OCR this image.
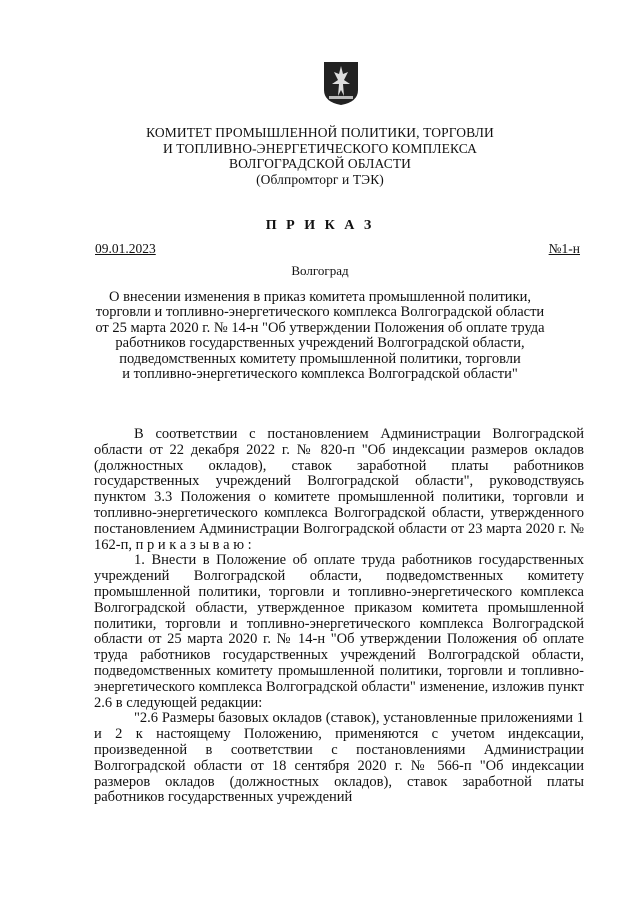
КОМИТЕТ ПРОМЫШЛЕННОЙ ПОЛИТИКИ, ТОРГОВЛИ
И ТОПЛИВНО-ЭНЕРГЕТИЧЕСКОГО КОМПЛЕКСА
ВОЛГОГРАДСКОЙ ОБЛАСТИ
(Облпромторг и ТЭК)
П Р И К А З
09.01.2023	№1-н
Волгоград
О внесении изменения в приказ комитета промышленной политики,
торговли и топливно-энергетического комплекса Волгоградской области
от 25 марта 2020 г. № 14-н "Об утверждении Положения об оплате труда
работников государственных учреждений Волгоградской области,
подведомственных комитету промышленной политики, торговли
и топливно-энергетического комплекса Волгоградской области"

В соответствии с постановлением Администрации Волгоградской области от 22 декабря 2022 г. № 820-п "Об индексации размеров окладов (должностных окладов), ставок заработной платы работников государственных учреждений Волгоградской области", руководствуясь пунктом 3.3 Положения о комитете промышленной политики, торговли и топливно-энергетического комплекса Волгоградской области, утвержденного постановлением Администрации Волгоградской области от 23 марта 2020 г. № 162-п, п р и к а з ы в а ю :

1. Внести в Положение об оплате труда работников государственных учреждений Волгоградской области, подведомственных комитету промышленной политики, торговли и топливно-энергетического комплекса Волгоградской области, утвержденное приказом комитета промышленной политики, торговли и топливно-энергетического комплекса Волгоградской области от 25 марта 2020 г. № 14-н "Об утверждении Положения об оплате труда работников государственных учреждений Волгоградской области, подведомственных комитету промышленной политики, торговли и топливно-энергетического комплекса Волгоградской области" изменение, изложив пункт 2.6 в следующей редакции:

"2.6 Размеры базовых окладов (ставок), установленные приложениями 1 и 2 к настоящему Положению, применяются с учетом индексации, произведенной в соответствии с постановлениями Администрации Волгоградской области от 18 сентября 2020 г. № 566-п "Об индексации размеров окладов (должностных окладов), ставок заработной платы работников государственных учреждений
